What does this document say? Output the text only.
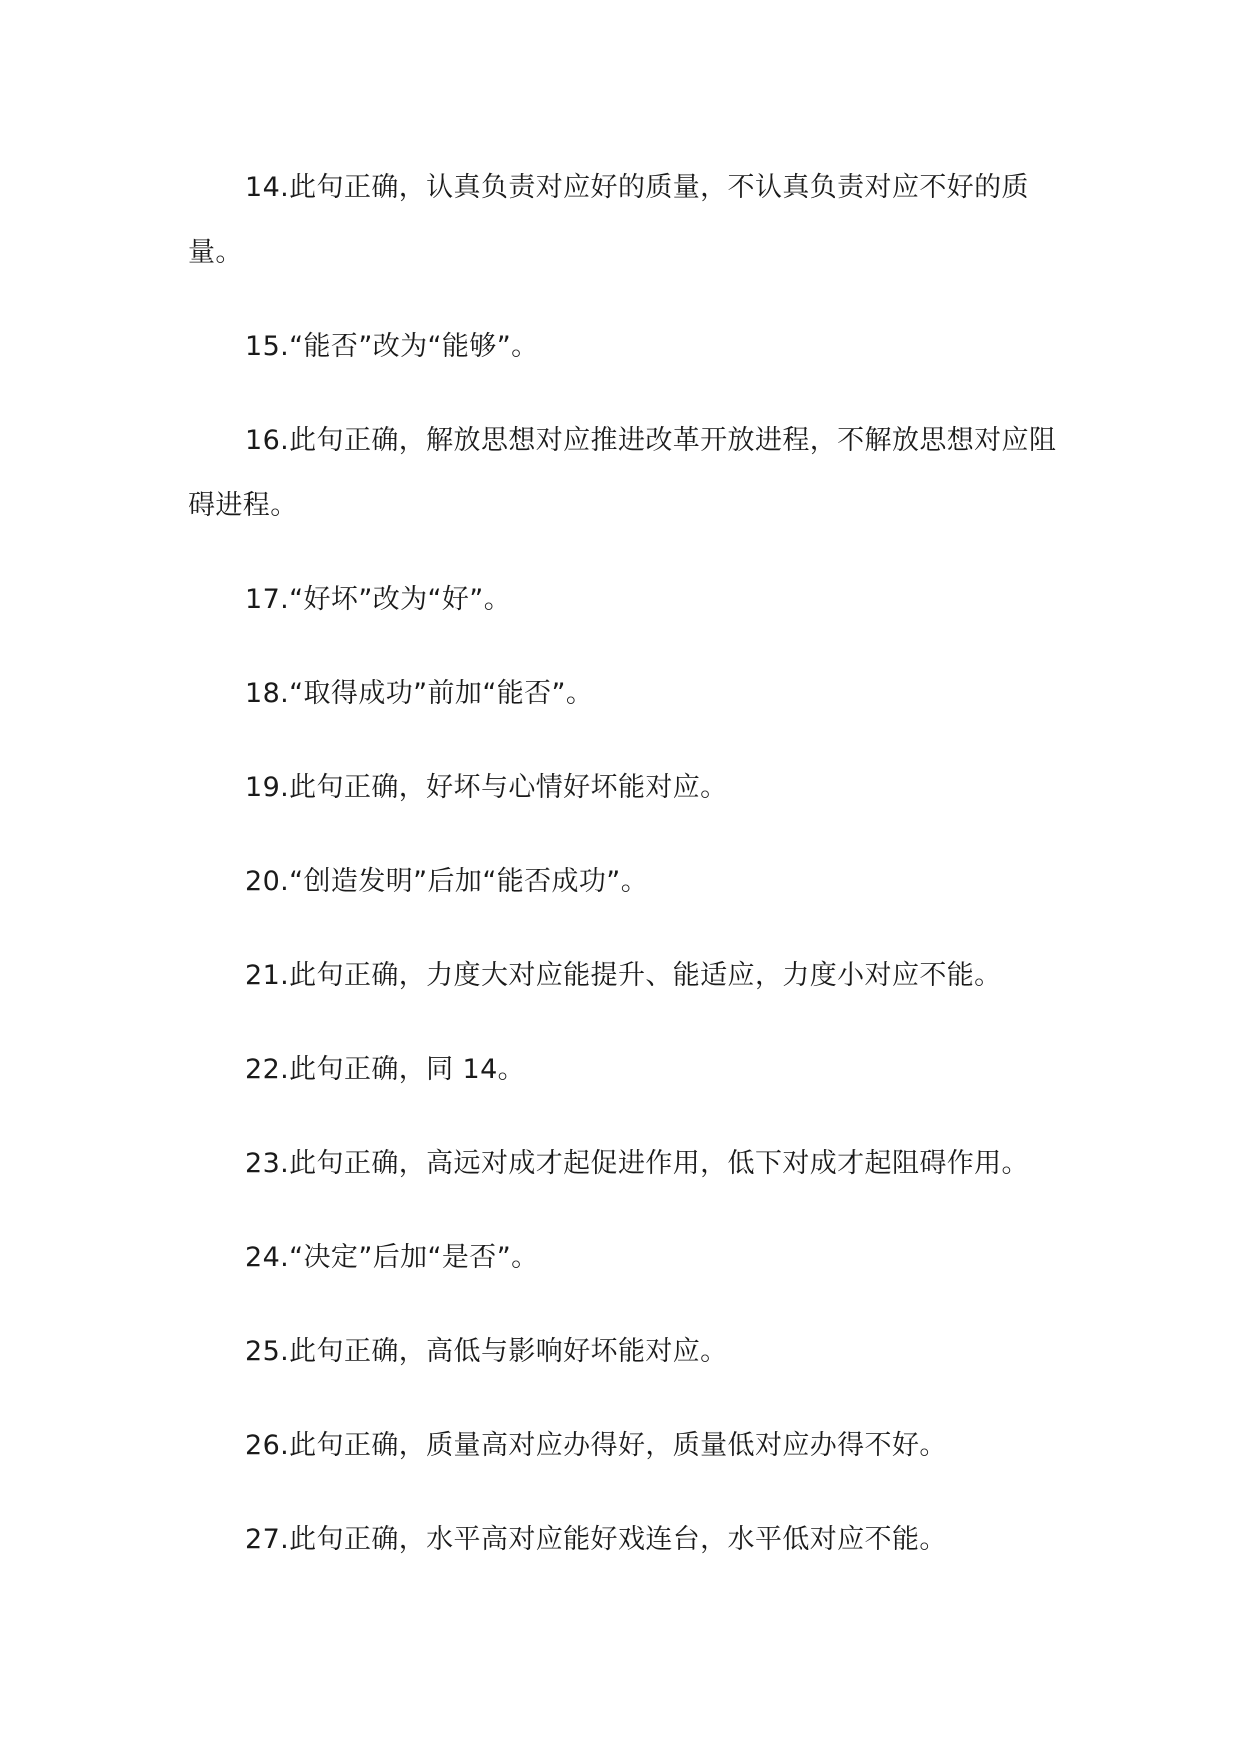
14.此句正确，认真负责对应好的质量，不认真负责对应不好的质量。

15.“能否”改为“能够”。

16.此句正确，解放思想对应推进改革开放进程，不解放思想对应阻碍进程。

17.“好坏”改为“好”。

18.“取得成功”前加“能否”。

19.此句正确，好坏与心情好坏能对应。

20.“创造发明”后加“能否成功”。

21.此句正确，力度大对应能提升、能适应，力度小对应不能。

22.此句正确，同 14。

23.此句正确，高远对成才起促进作用，低下对成才起阻碍作用。

24.“决定”后加“是否”。

25.此句正确，高低与影响好坏能对应。

26.此句正确，质量高对应办得好，质量低对应办得不好。

27.此句正确，水平高对应能好戏连台，水平低对应不能。
